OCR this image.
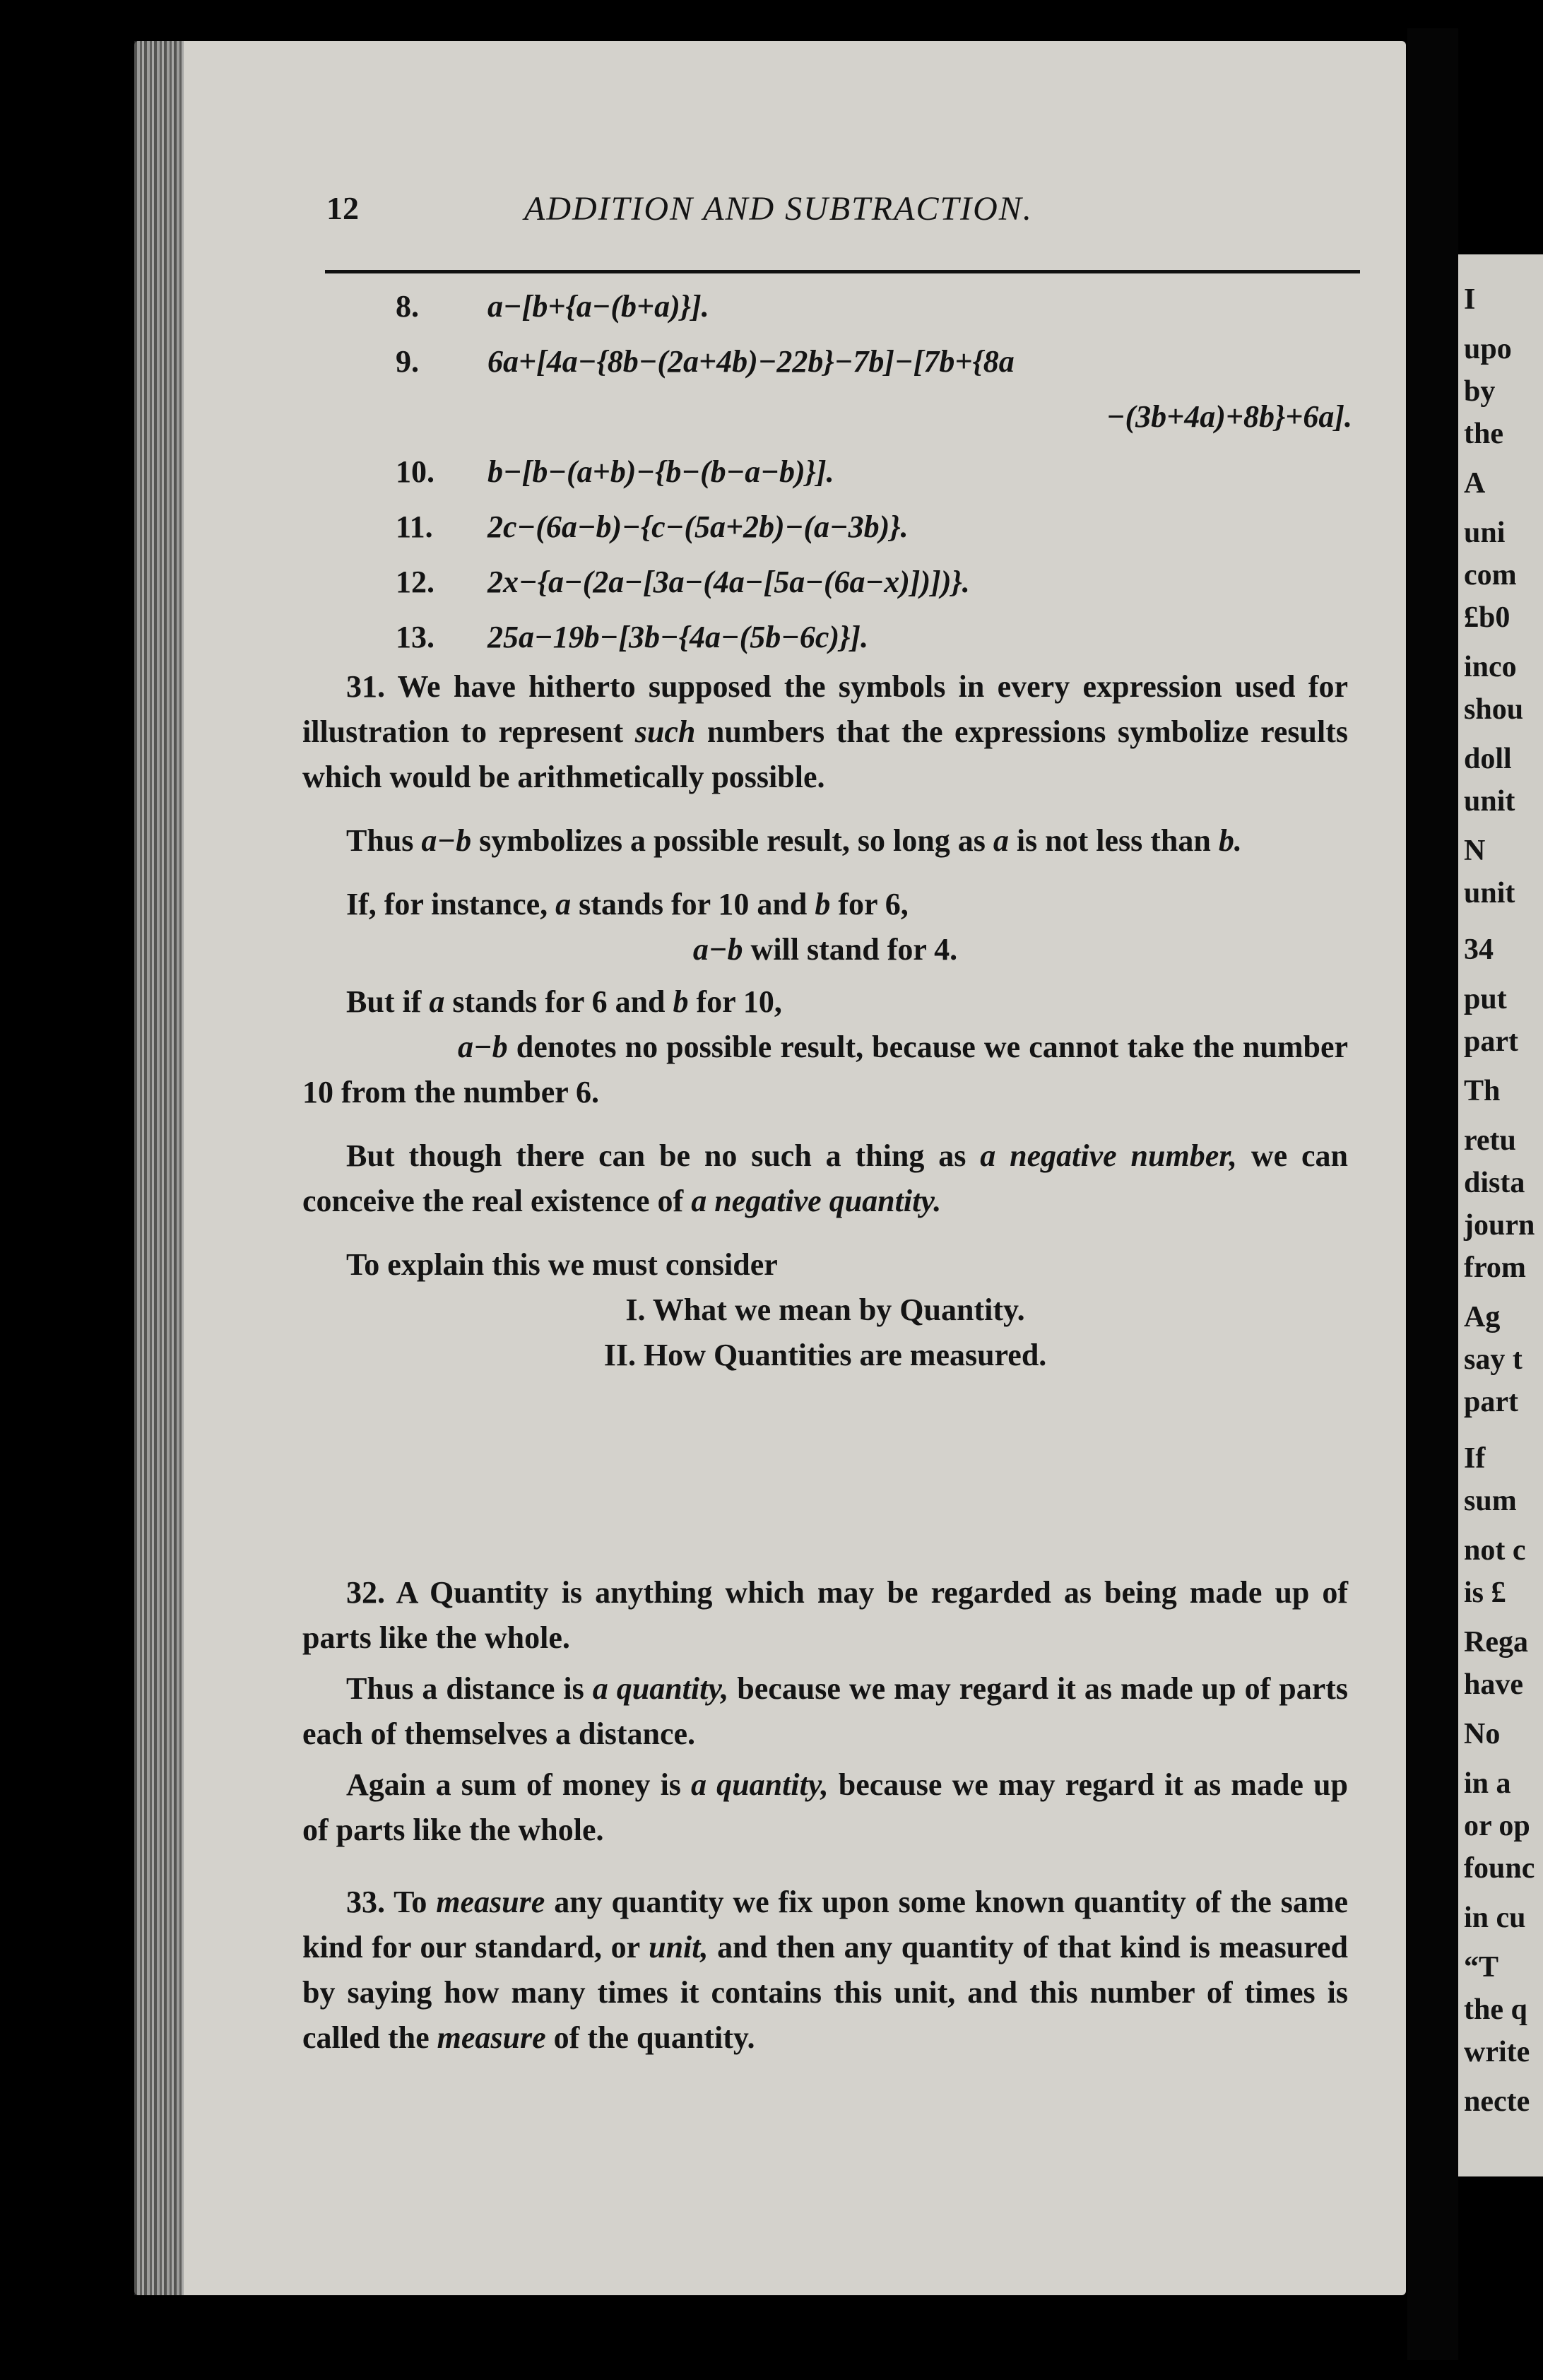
I
upo
by
the
A
uni
com
£b0
inco
shou
doll
unit
N
unit
34
put
part
Th
retu
dista
journ
from
Ag
say t
part
If
sum
not c
is £
Rega
have
No
in a
or op
founc
in cu
“T
the q
write
necte
12	ADDITION AND SUBTRACTION.
8.	a−[b+{a−(b+a)}].
9.	6a+[4a−{8b−(2a+4b)−22b}−7b]−[7b+{8a
−(3b+4a)+8b}+6a].
10.	b−[b−(a+b)−{b−(b−a−b)}].
11.	2c−(6a−b)−{c−(5a+2b)−(a−3b)}.
12.	2x−{a−(2a−[3a−(4a−[5a−(6a−x)])])}.
13.	25a−19b−[3b−{4a−(5b−6c)}].
31. We have hitherto supposed the symbols in every expression used for illustration to represent such numbers that the expressions symbolize results which would be arithmetically possible.
Thus a−b symbolizes a possible result, so long as a is not less than b.
If, for instance, a stands for 10 and b for 6,
a−b will stand for 4.
But if a stands for 6 and b for 10,
a−b denotes no possible result, because we cannot take the number 10 from the number 6.
But though there can be no such a thing as a negative number, we can conceive the real existence of a negative quantity.
To explain this we must consider
I. What we mean by Quantity.
II. How Quantities are measured.
32. A Quantity is anything which may be regarded as being made up of parts like the whole.
Thus a distance is a quantity, because we may regard it as made up of parts each of themselves a distance.
Again a sum of money is a quantity, because we may regard it as made up of parts like the whole.
33. To measure any quantity we fix upon some known quantity of the same kind for our standard, or unit, and then any quantity of that kind is measured by saying how many times it contains this unit, and this number of times is called the measure of the quantity.
